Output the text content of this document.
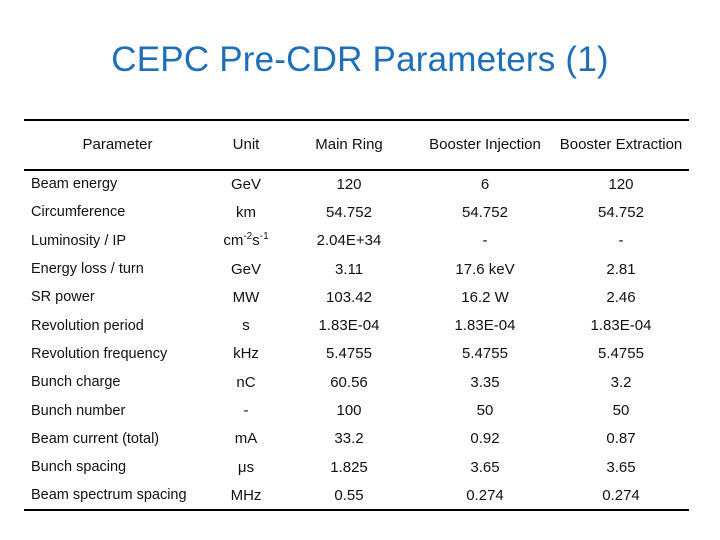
CEPC Pre-CDR Parameters (1)
Parameter	Unit	Main Ring	Booster Injection	Booster Extraction
Beam energy	GeV	120	6	120
Circumference	km	54.752	54.752	54.752
Luminosity / IP	$cm^{-2}s^{-1}$	2.04E+34	-	-
Energy loss / turn	GeV	3.11	17.6 keV	2.81
SR power	MW	103.42	16.2 W	2.46
Revolution period	s	1.83E-04	1.83E-04	1.83E-04
Revolution frequency	kHz	5.4755	5.4755	5.4755
Bunch charge	nC	60.56	3.35	3.2
Bunch number	-	100	50	50
Beam current (total)	mA	33.2	0.92	0.87
Bunch spacing	μs	1.825	3.65	3.65
Beam spectrum spacing	MHz	0.55	0.274	0.274
